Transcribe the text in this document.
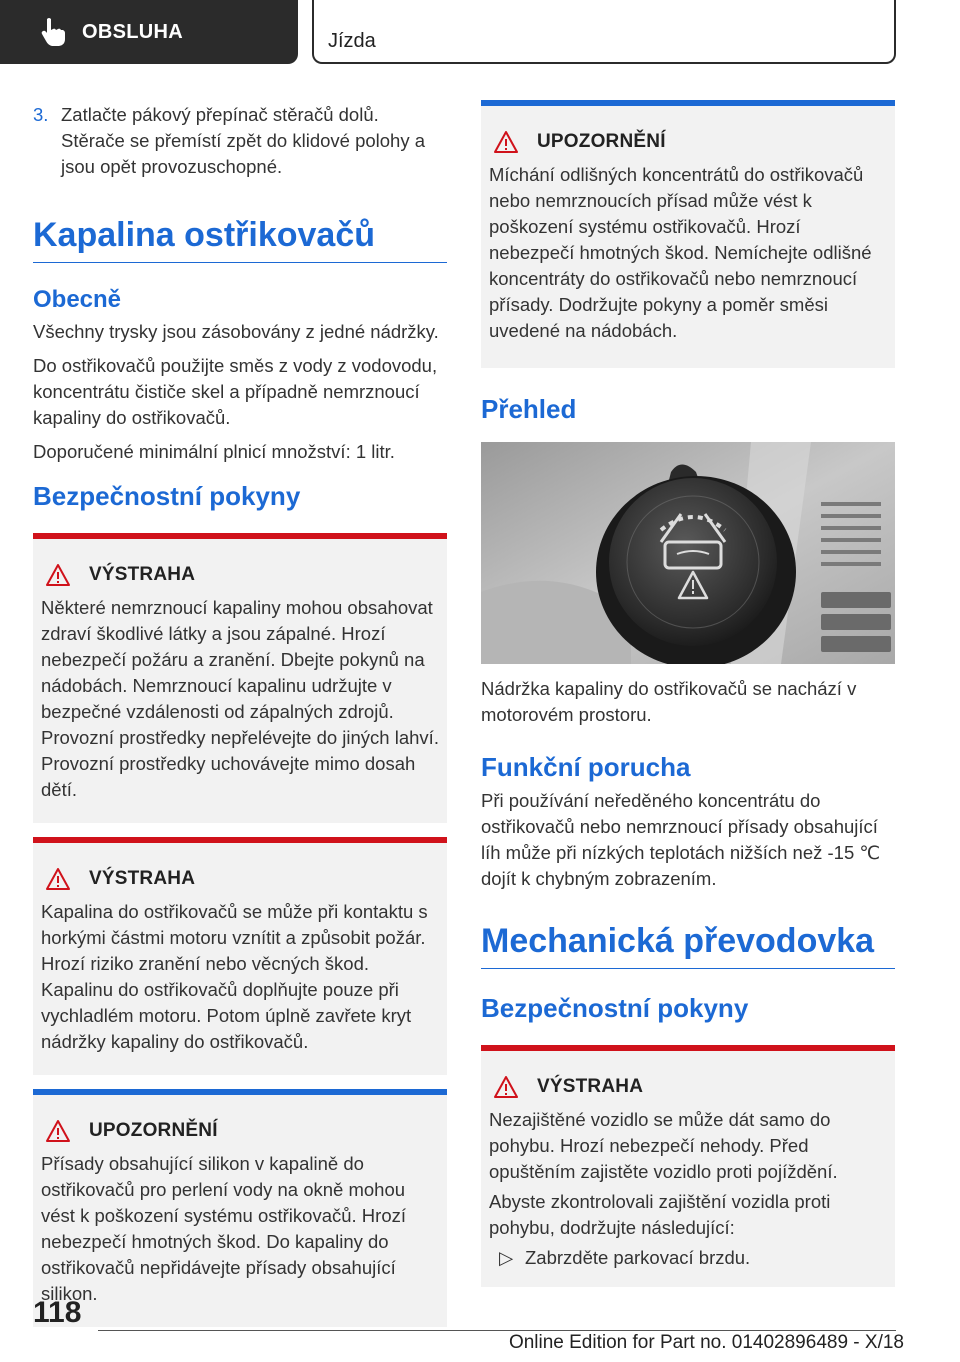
OBSLUHA	Jízda
3. Zatlačte pákový přepínač stěračů dolů. Stěrače se přemístí zpět do klidové polohy a jsou opět provozuschopné.
Kapalina ostřikovačů
Obecně

Všechny trysky jsou zásobovány z jedné nádržky.

Do ostřikovačů použijte směs z vody z vodovodu, koncentrátu čističe skel a případně nemrznoucí kapaliny do ostřikovačů.

Doporučené minimální plnicí množství: 1 litr.

Bezpečnostní pokyny
VÝSTRAHA

Některé nemrznoucí kapaliny mohou obsahovat zdraví škodlivé látky a jsou zápalné. Hrozí nebezpečí požáru a zranění. Dbejte pokynů na nádobách. Nemrznoucí kapalinu udržujte v bezpečné vzdálenosti od zápalných zdrojů. Provozní prostředky nepřelévejte do jiných lahví. Provozní prostředky uchovávejte mimo dosah dětí.

VÝSTRAHA

Kapalina do ostřikovačů se může při kontaktu s horkými částmi motoru vznítit a způsobit požár. Hrozí riziko zranění nebo věcných škod. Kapalinu do ostřikovačů doplňujte pouze při vychladlém motoru. Potom úplně zavřete kryt nádržky kapaliny do ostřikovačů.

UPOZORNĚNÍ

Přísady obsahující silikon v kapalině do ostřikovačů pro perlení vody na okně mohou vést k poškození systému ostřikovačů. Hrozí nebezpečí hmotných škod. Do kapaliny do ostřikovačů nepřidávejte přísady obsahující silikon.

UPOZORNĚNÍ

Míchání odlišných koncentrátů do ostřikovačů nebo nemrznoucích přísad může vést k poškození systému ostřikovačů. Hrozí nebezpečí hmotných škod. Nemíchejte odlišné koncentráty do ostřikovačů nebo nemrznoucí přísady. Dodržujte pokyny a poměr směsi uvedené na nádobách.

Přehled

Nádržka kapaliny do ostřikovačů se nachází v motorovém prostoru.

Funkční porucha

Při používání neředěného koncentrátu do ostřikovačů nebo nemrznoucí přísady obsahující líh může při nízkých teplotách nižších než -15 ℃ dojít k chybným zobrazením.

Mechanická převodovka
Bezpečnostní pokyny
VÝSTRAHA

Nezajištěné vozidlo se může dát samo do pohybu. Hrozí nebezpečí nehody. Před opuštěním zajistěte vozidlo proti pojíždění.

Abyste zkontrolovali zajištění vozidla proti pohybu, dodržujte následující:

▷ Zabrzděte parkovací brzdu.
118
Online Edition for Part no. 01402896489 - X/18
